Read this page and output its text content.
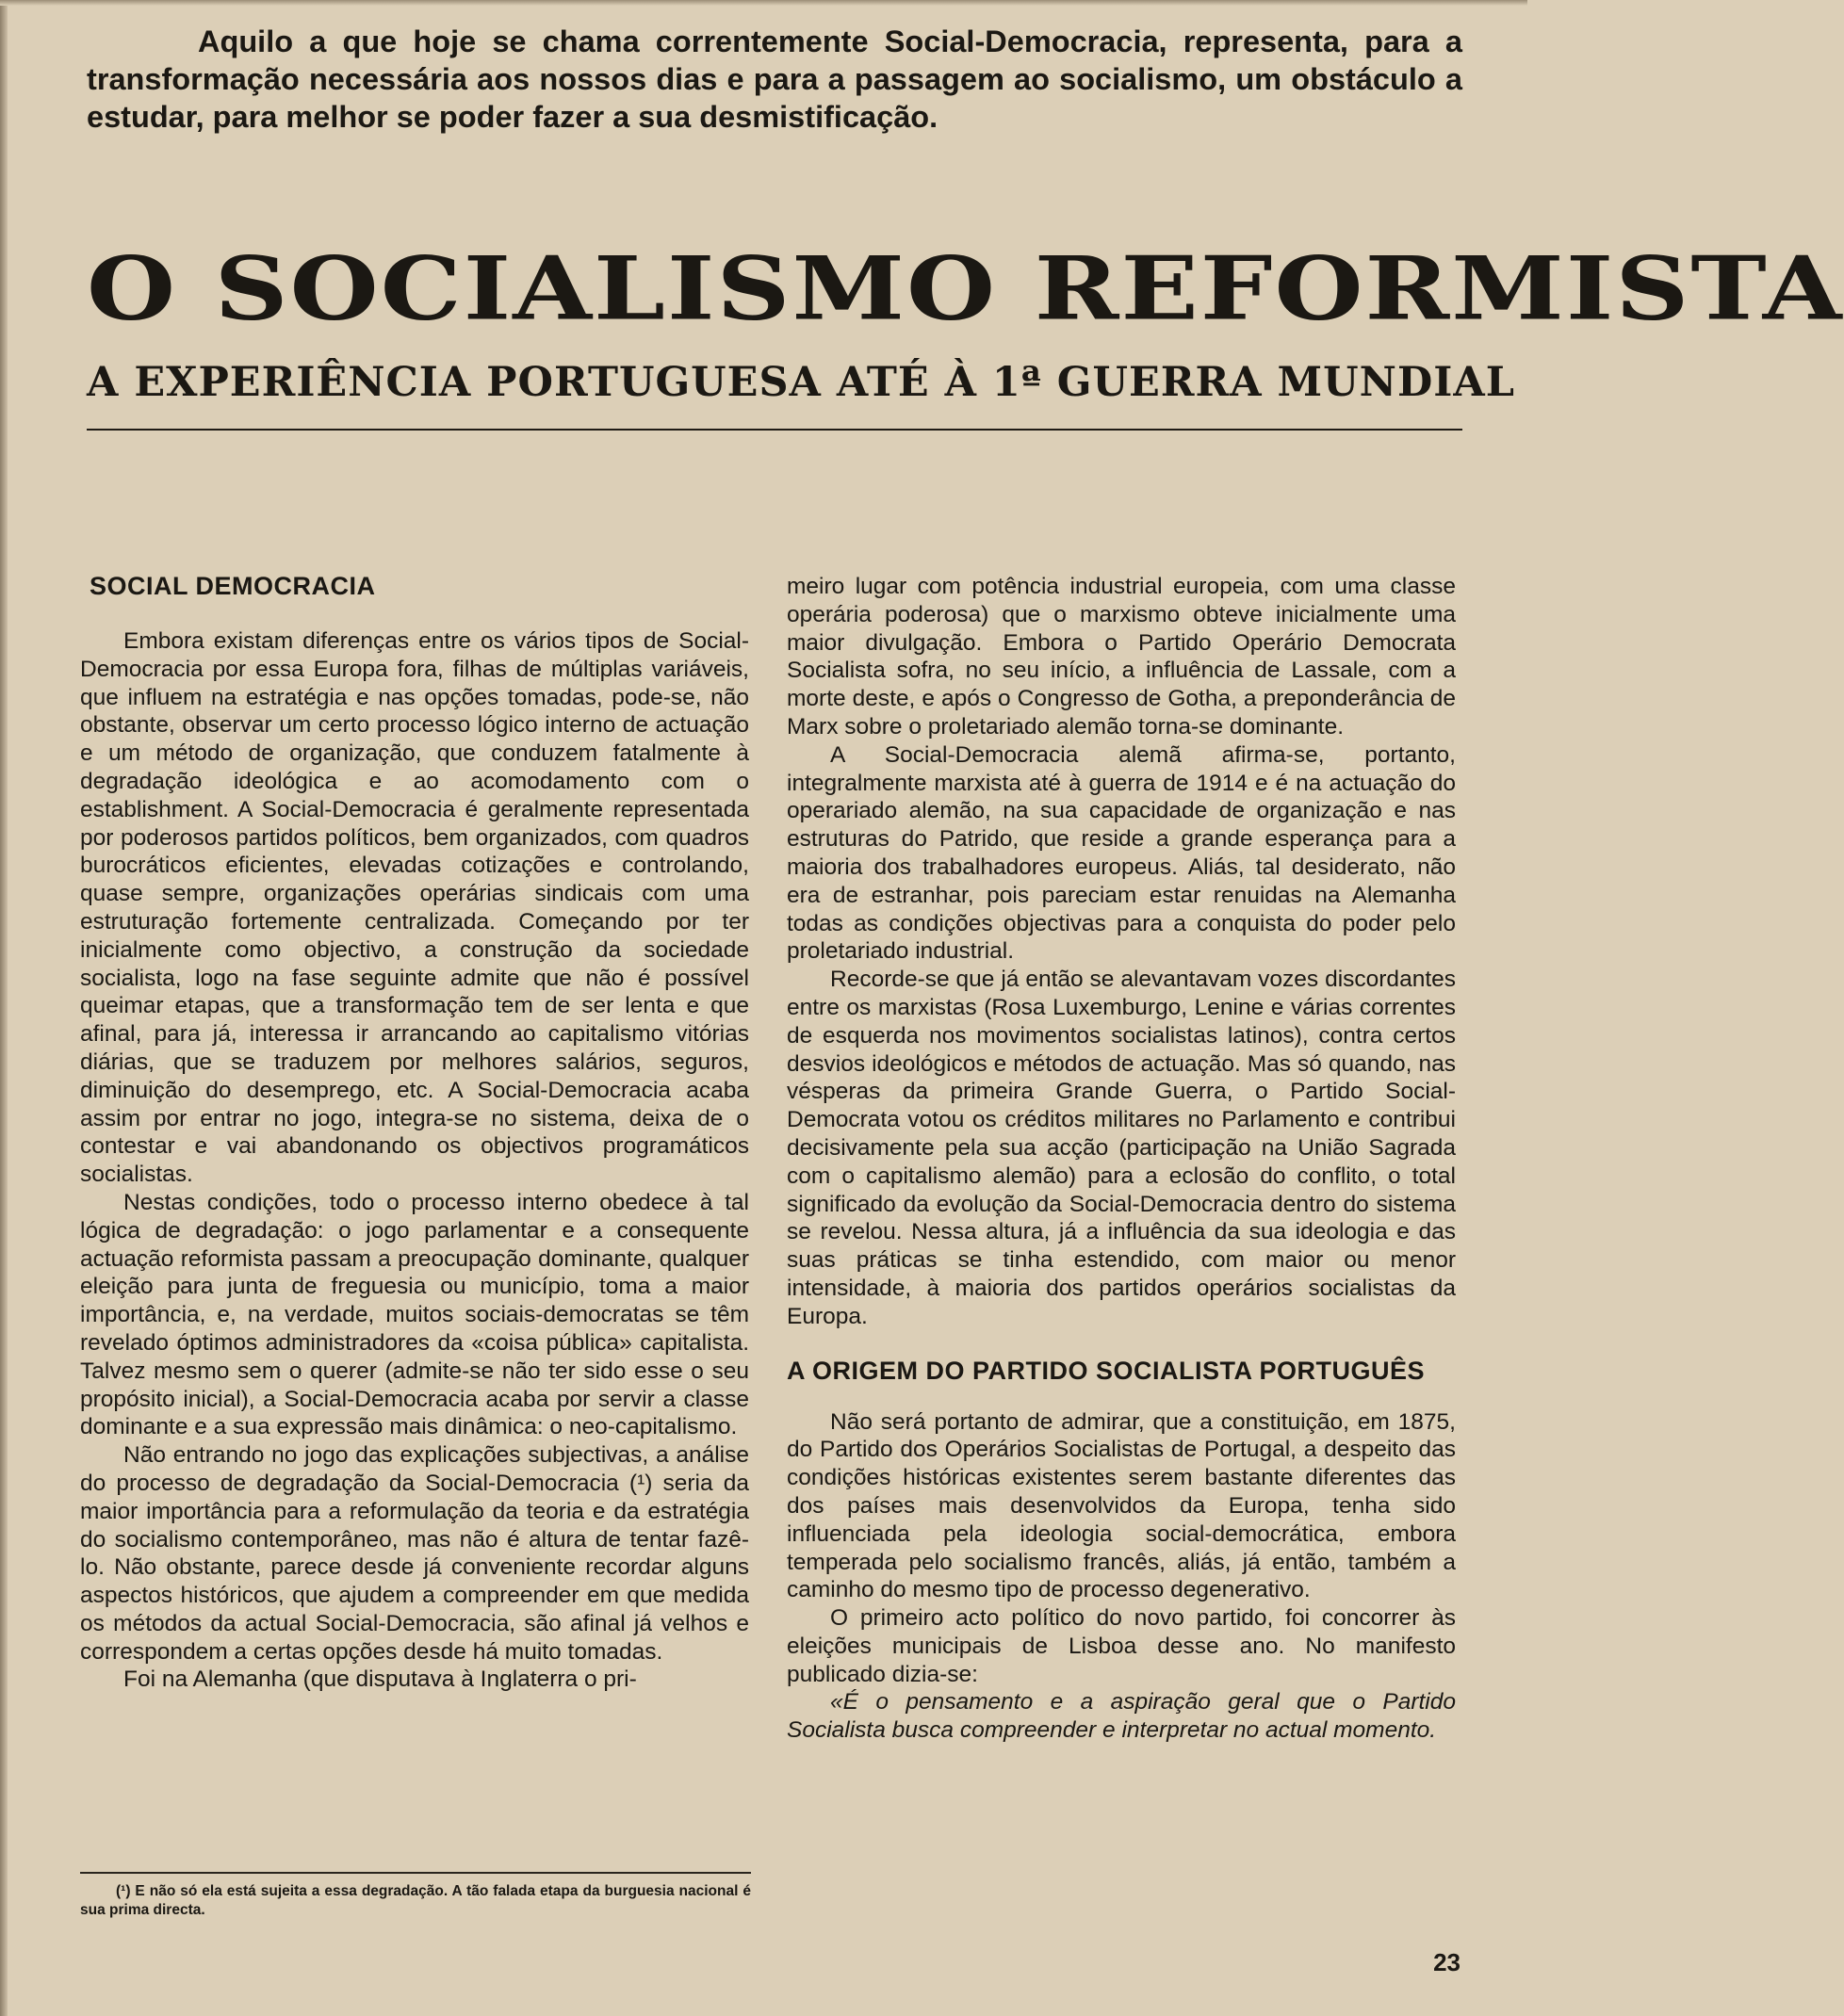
Aquilo a que hoje se chama correntemente Social-Democracia, representa, para a transformação necessária aos nossos dias e para a passagem ao socialismo, um obstáculo a estudar, para melhor se poder fazer a sua desmistificação.

O SOCIALISMO REFORMISTA
A EXPERIÊNCIA PORTUGUESA ATÉ À 1ª GUERRA MUNDIAL
SOCIAL DEMOCRACIA

Embora existam diferenças entre os vários tipos de Social-Democracia por essa Europa fora, filhas de múltiplas variáveis, que influem na estratégia e nas opções tomadas, pode-se, não obstante, observar um certo processo lógico interno de actuação e um método de organização, que conduzem fatalmente à degradação ideológica e ao acomodamento com o establishment. A Social-Democracia é geralmente representada por poderosos partidos políticos, bem organizados, com quadros burocráticos eficientes, elevadas cotizações e controlando, quase sempre, organizações operárias sindicais com uma estruturação fortemente centralizada. Começando por ter inicialmente como objectivo, a construção da sociedade socialista, logo na fase seguinte admite que não é possível queimar etapas, que a transformação tem de ser lenta e que afinal, para já, interessa ir arrancando ao capitalismo vitórias diárias, que se traduzem por melhores salários, seguros, diminuição do desemprego, etc. A Social-Democracia acaba assim por entrar no jogo, integra-se no sistema, deixa de o contestar e vai abandonando os objectivos programáticos socialistas.

Nestas condições, todo o processo interno obedece à tal lógica de degradação: o jogo parlamentar e a consequente actuação reformista passam a preocupação dominante, qualquer eleição para junta de freguesia ou município, toma a maior importância, e, na verdade, muitos sociais-democratas se têm revelado óptimos administradores da «coisa pública» capitalista. Talvez mesmo sem o querer (admite-se não ter sido esse o seu propósito inicial), a Social-Democracia acaba por servir a classe dominante e a sua expressão mais dinâmica: o neo-capitalismo.

Não entrando no jogo das explicações subjectivas, a análise do processo de degradação da Social-Democracia (¹) seria da maior importância para a reformulação da teoria e da estratégia do socialismo contemporâneo, mas não é altura de tentar fazê-lo. Não obstante, parece desde já conveniente recordar alguns aspectos históricos, que ajudem a compreender em que medida os métodos da actual Social-Democracia, são afinal já velhos e correspondem a certas opções desde há muito tomadas.

Foi na Alemanha (que disputava à Inglaterra o pri-

meiro lugar com potência industrial europeia, com uma classe operária poderosa) que o marxismo obteve inicialmente uma maior divulgação. Embora o Partido Operário Democrata Socialista sofra, no seu início, a influência de Lassale, com a morte deste, e após o Congresso de Gotha, a preponderância de Marx sobre o proletariado alemão torna-se dominante.

A Social-Democracia alemã afirma-se, portanto, integralmente marxista até à guerra de 1914 e é na actuação do operariado alemão, na sua capacidade de organização e nas estruturas do Patrido, que reside a grande esperança para a maioria dos trabalhadores europeus. Aliás, tal desiderato, não era de estranhar, pois pareciam estar renuidas na Alemanha todas as condições objectivas para a conquista do poder pelo proletariado industrial.

Recorde-se que já então se alevantavam vozes discordantes entre os marxistas (Rosa Luxemburgo, Lenine e várias correntes de esquerda nos movimentos socialistas latinos), contra certos desvios ideológicos e métodos de actuação. Mas só quando, nas vésperas da primeira Grande Guerra, o Partido Social-Democrata votou os créditos militares no Parlamento e contribui decisivamente pela sua acção (participação na União Sagrada com o capitalismo alemão) para a eclosão do conflito, o total significado da evolução da Social-Democracia dentro do sistema se revelou. Nessa altura, já a influência da sua ideologia e das suas práticas se tinha estendido, com maior ou menor intensidade, à maioria dos partidos operários socialistas da Europa.

A ORIGEM DO PARTIDO SOCIALISTA PORTUGUÊS

Não será portanto de admirar, que a constituição, em 1875, do Partido dos Operários Socialistas de Portugal, a despeito das condições históricas existentes serem bastante diferentes das dos países mais desenvolvidos da Europa, tenha sido influenciada pela ideologia social-democrática, embora temperada pelo socialismo francês, aliás, já então, também a caminho do mesmo tipo de processo degenerativo.

O primeiro acto político do novo partido, foi concorrer às eleições municipais de Lisboa desse ano. No manifesto publicado dizia-se:

«É o pensamento e a aspiração geral que o Partido Socialista busca compreender e interpretar no actual momento.

(¹) E não só ela está sujeita a essa degradação. A tão falada etapa da burguesia nacional é sua prima directa.

23
